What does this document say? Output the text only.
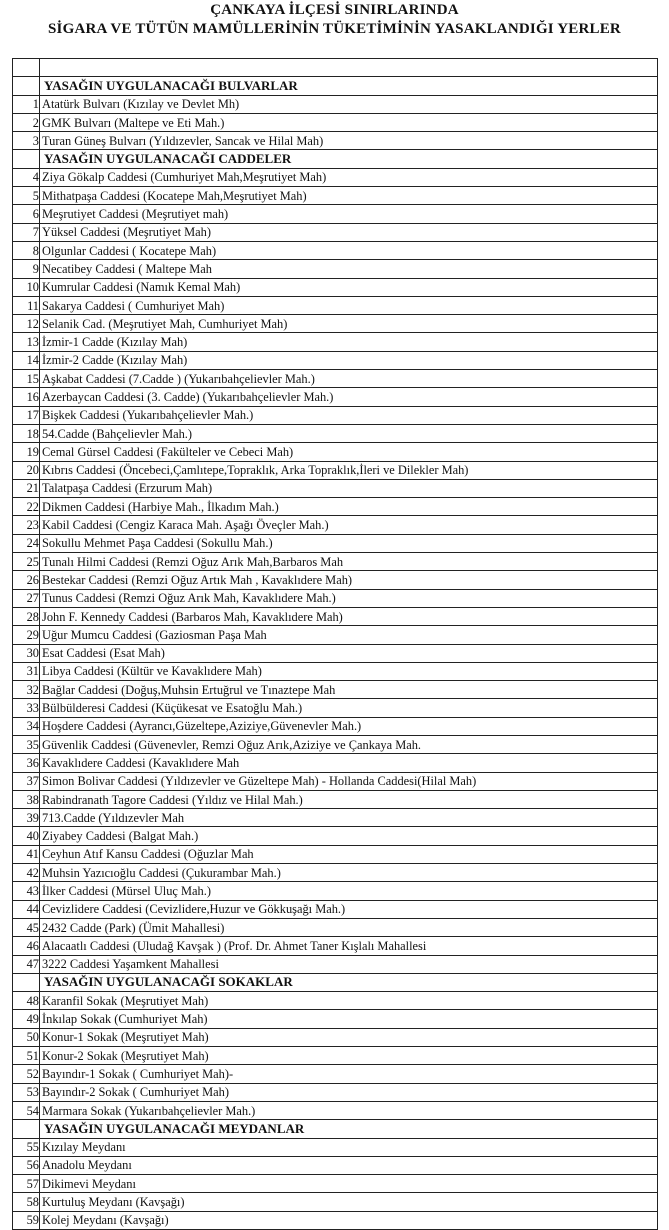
ÇANKAYA İLÇESİ SINIRLARINDA
SİGARA VE TÜTÜN MAMÜLLERİNİN TÜKETİMİNİN YASAKLANDIĞI YERLER

	YASAĞIN UYGULANACAĞI BULVARLAR
1	Atatürk Bulvarı (Kızılay ve Devlet Mh)
2	GMK Bulvarı (Maltepe ve Eti Mah.)
3	Turan Güneş Bulvarı (Yıldızevler, Sancak ve Hilal Mah)
	YASAĞIN UYGULANACAĞI CADDELER
4	Ziya Gökalp Caddesi (Cumhuriyet Mah,Meşrutiyet Mah)
5	Mithatpaşa Caddesi (Kocatepe Mah,Meşrutiyet Mah)
6	Meşrutiyet Caddesi (Meşrutiyet mah)
7	Yüksel Caddesi (Meşrutiyet Mah)
8	Olgunlar Caddesi ( Kocatepe Mah)
9	Necatibey Caddesi ( Maltepe Mah
10	Kumrular Caddesi (Namık Kemal Mah)
11	Sakarya Caddesi ( Cumhuriyet Mah)
12	Selanik Cad. (Meşrutiyet Mah, Cumhuriyet Mah)
13	İzmir-1 Cadde (Kızılay Mah)
14	İzmir-2 Cadde (Kızılay Mah)
15	Aşkabat Caddesi (7.Cadde ) (Yukarıbahçelievler Mah.)
16	Azerbaycan Caddesi (3. Cadde) (Yukarıbahçelievler Mah.)
17	Bişkek Caddesi (Yukarıbahçelievler Mah.)
18	54.Cadde (Bahçelievler Mah.)
19	Cemal Gürsel Caddesi (Fakülteler ve Cebeci Mah)
20	Kıbrıs Caddesi (Öncebeci,Çamlıtepe,Topraklık, Arka Topraklık,İleri ve Dilekler Mah)
21	Talatpaşa Caddesi (Erzurum Mah)
22	Dikmen Caddesi (Harbiye Mah., İlkadım Mah.)
23	Kabil Caddesi (Cengiz Karaca Mah. Aşağı Öveçler Mah.)
24	Sokullu Mehmet Paşa Caddesi (Sokullu Mah.)
25	Tunalı Hilmi Caddesi (Remzi Oğuz Arık Mah,Barbaros Mah
26	Bestekar Caddesi (Remzi Oğuz Artık Mah , Kavaklıdere Mah)
27	Tunus Caddesi (Remzi Oğuz Arık Mah, Kavaklıdere Mah.)
28	John F. Kennedy Caddesi (Barbaros Mah, Kavaklıdere Mah)
29	Uğur Mumcu Caddesi (Gaziosman Paşa Mah
30	Esat Caddesi (Esat Mah)
31	Libya Caddesi (Kültür ve Kavaklıdere Mah)
32	Bağlar Caddesi (Doğuş,Muhsin Ertuğrul ve Tınaztepe Mah
33	Bülbülderesi Caddesi (Küçükesat ve Esatoğlu Mah.)
34	Hoşdere Caddesi (Ayrancı,Güzeltepe,Aziziye,Güvenevler Mah.)
35	Güvenlik Caddesi (Güvenevler, Remzi Oğuz Arık,Aziziye ve Çankaya Mah.
36	Kavaklıdere Caddesi (Kavaklıdere Mah
37	Simon Bolivar Caddesi (Yıldızevler ve Güzeltepe Mah) - Hollanda Caddesi(Hilal Mah)
38	Rabindranath Tagore Caddesi (Yıldız ve Hilal Mah.)
39	713.Cadde (Yıldızevler Mah
40	Ziyabey Caddesi (Balgat Mah.)
41	Ceyhun Atıf Kansu Caddesi (Oğuzlar Mah
42	Muhsin Yazıcıoğlu Caddesi (Çukurambar Mah.)
43	İlker Caddesi (Mürsel Uluç Mah.)
44	Cevizlidere Caddesi (Cevizlidere,Huzur ve Gökkuşağı Mah.)
45	2432 Cadde (Park) (Ümit Mahallesi)
46	Alacaatlı Caddesi (Uludağ Kavşak ) (Prof. Dr. Ahmet Taner Kışlalı Mahallesi
47	3222 Caddesi Yaşamkent Mahallesi
	YASAĞIN UYGULANACAĞI SOKAKLAR
48	Karanfil Sokak (Meşrutiyet Mah)
49	İnkılap Sokak (Cumhuriyet Mah)
50	Konur-1 Sokak (Meşrutiyet Mah)
51	Konur-2 Sokak (Meşrutiyet Mah)
52	Bayındır-1 Sokak ( Cumhuriyet Mah)-
53	Bayındır-2 Sokak ( Cumhuriyet Mah)
54	Marmara Sokak (Yukarıbahçelievler Mah.)
	YASAĞIN UYGULANACAĞI MEYDANLAR
55	Kızılay Meydanı
56	Anadolu Meydanı
57	Dikimevi Meydanı
58	Kurtuluş Meydanı (Kavşağı)
59	Kolej Meydanı (Kavşağı)
